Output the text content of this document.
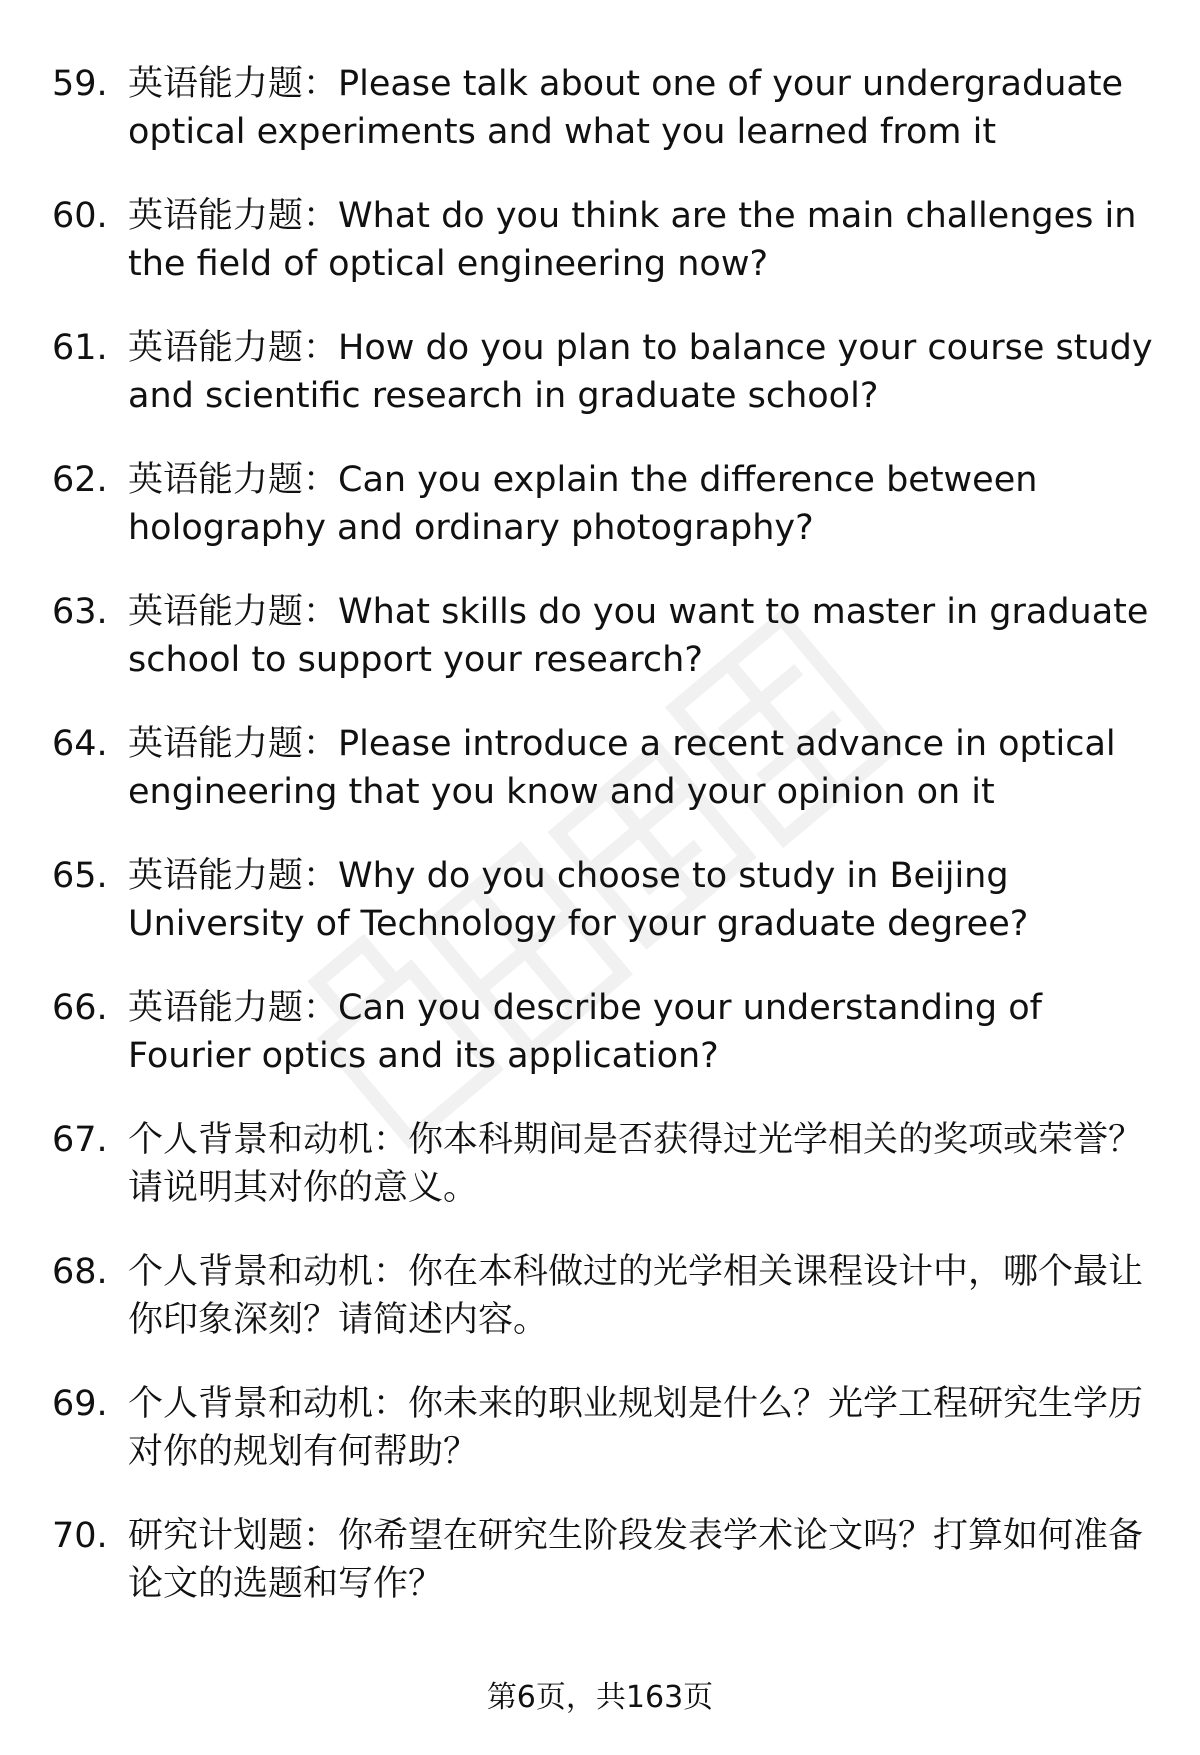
59. 英语能力题：Please talk about one of your undergraduate optical experiments and what you learned from it
60. 英语能力题：What do you think are the main challenges in the field of optical engineering now?
61. 英语能力题：How do you plan to balance your course study and scientific research in graduate school?
62. 英语能力题：Can you explain the difference between holography and ordinary photography?
63. 英语能力题：What skills do you want to master in graduate school to support your research?
64. 英语能力题：Please introduce a recent advance in optical engineering that you know and your opinion on it
65. 英语能力题：Why do you choose to study in Beijing University of Technology for your graduate degree?
66. 英语能力题：Can you describe your understanding of Fourier optics and its application?
67. 个人背景和动机：你本科期间是否获得过光学相关的奖项或荣誉？请说明其对你的意义。
68. 个人背景和动机：你在本科做过的光学相关课程设计中，哪个最让你印象深刻？请简述内容。
69. 个人背景和动机：你未来的职业规划是什么？光学工程研究生学历对你的规划有何帮助？
70. 研究计划题：你希望在研究生阶段发表学术论文吗？打算如何准备论文的选题和写作？
第6页，共163页
